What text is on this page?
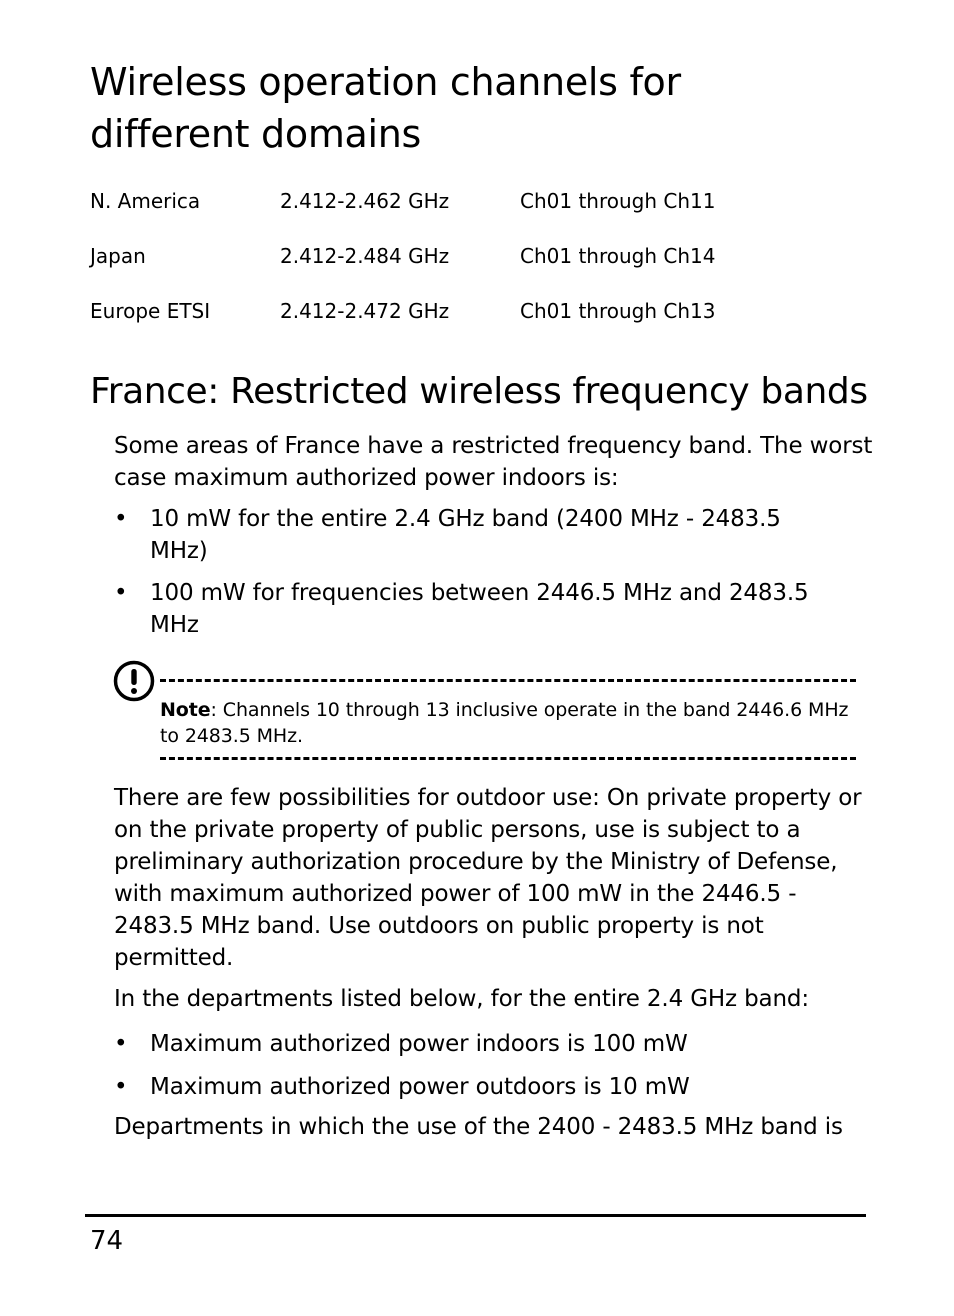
Wireless operation channels for different domains
N. America	2.412-2.462 GHz	Ch01 through Ch11
Japan	2.412-2.484 GHz	Ch01 through Ch14
Europe ETSI	2.412-2.472 GHz	Ch01 through Ch13
France: Restricted wireless frequency bands

Some areas of France have a restricted frequency band. The worst case maximum authorized power indoors is:

• 10 mW for the entire 2.4 GHz band (2400 MHz - 2483.5 MHz)
• 100 mW for frequencies between 2446.5 MHz and 2483.5 MHz
Note: Channels 10 through 13 inclusive operate in the band 2446.6 MHz to 2483.5 MHz.

There are few possibilities for outdoor use: On private property or on the private property of public persons, use is subject to a preliminary authorization procedure by the Ministry of Defense, with maximum authorized power of 100 mW in the 2446.5 - 2483.5 MHz band. Use outdoors on public property is not permitted.

In the departments listed below, for the entire 2.4 GHz band:

• Maximum authorized power indoors is 100 mW
• Maximum authorized power outdoors is 10 mW

Departments in which the use of the 2400 - 2483.5 MHz band is

74
